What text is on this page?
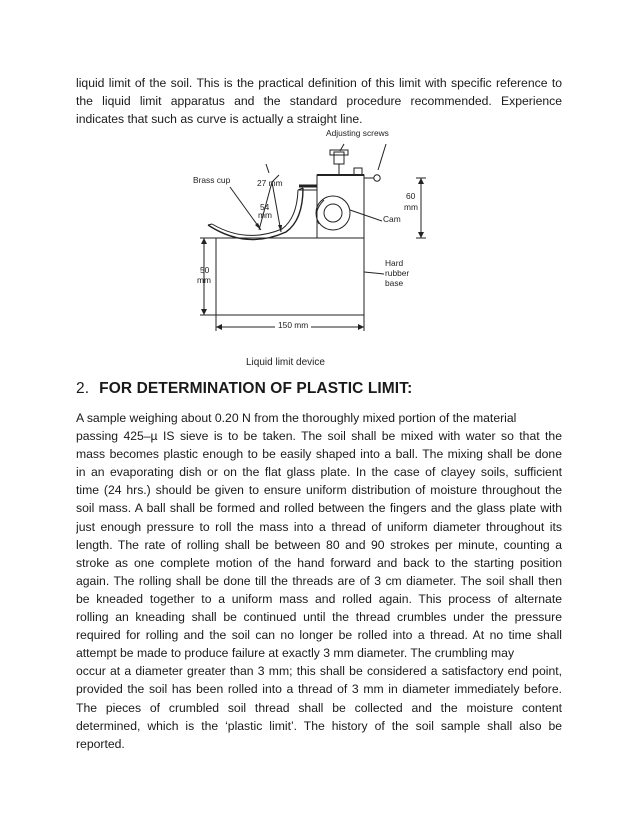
liquid limit of the soil. This is the practical definition of this limit with specific reference to
the liquid limit apparatus and the standard procedure recommended. Experience
indicates that such as curve is actually a straight line.
Adjusting screws
Brass cup	27 mm
54
mm
60
mm
Cam
50
mm
Hard
rubber
base
150 mm
Liquid limit device
2. FOR DETERMINATION OF PLASTIC LIMIT:
A sample weighing about 0.20 N from the thoroughly mixed portion of the material
passing 425–µ IS sieve is to be taken. The soil shall be mixed with water so that the
mass becomes plastic enough to be easily shaped into a ball. The mixing shall be done
in an evaporating dish or on the flat glass plate. In the case of clayey soils, sufficient
time (24 hrs.) should be given to ensure uniform distribution of moisture throughout the
soil mass. A ball shall be formed and rolled between the fingers and the glass plate with
just enough pressure to roll the mass into a thread of uniform diameter throughout its
length. The rate of rolling shall be between 80 and 90 strokes per minute, counting a
stroke as one complete motion of the hand forward and back to the starting position
again. The rolling shall be done till the threads are of 3 cm diameter. The soil shall then
be kneaded together to a uniform mass and rolled again. This process of alternate
rolling an kneading shall be continued until the thread crumbles under the pressure
required for rolling and the soil can no longer be rolled into a thread. At no time shall
attempt be made to produce failure at exactly 3 mm diameter. The crumbling may
occur at a diameter greater than 3 mm; this shall be considered a satisfactory end point,
provided the soil has been rolled into a thread of 3 mm in diameter immediately before.
The pieces of crumbled soil thread shall be collected and the moisture content
determined, which is the ‘plastic limit’. The history of the soil sample shall also be
reported.
